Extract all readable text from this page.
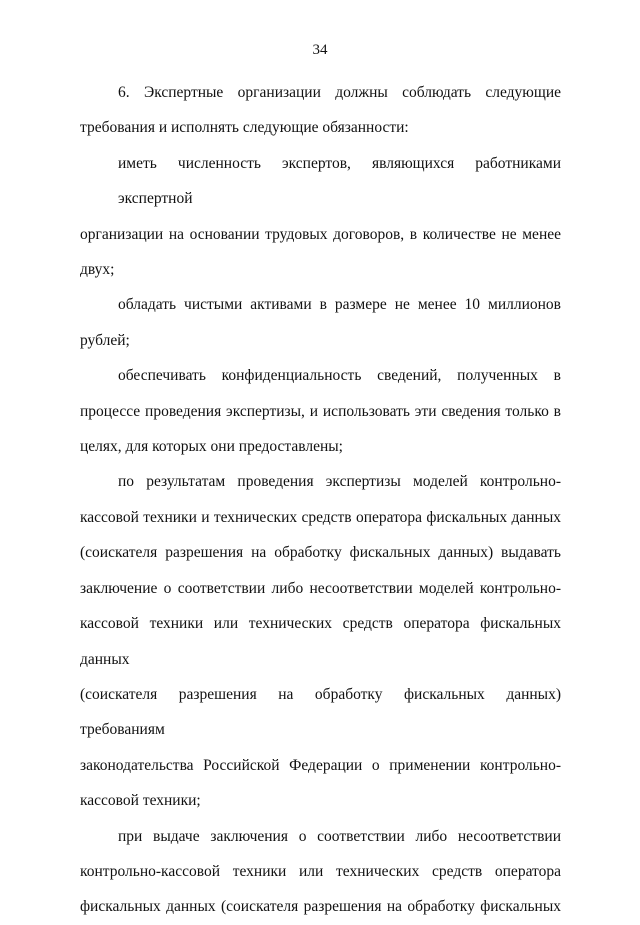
34
6. Экспертные организации должны соблюдать следующие
требования и исполнять следующие обязанности:
иметь численность экспертов, являющихся работниками экспертной
организации на основании трудовых договоров, в количестве не менее
двух;
обладать чистыми активами в размере не менее 10 миллионов
рублей;
обеспечивать конфиденциальность сведений, полученных в
процессе проведения экспертизы, и использовать эти сведения только в
целях, для которых они предоставлены;
по результатам проведения экспертизы моделей контрольно-
кассовой техники и технических средств оператора фискальных данных
(соискателя разрешения на обработку фискальных данных) выдавать
заключение о соответствии либо несоответствии моделей контрольно-
кассовой техники или технических средств оператора фискальных данных
(соискателя разрешения на обработку фискальных данных) требованиям
законодательства Российской Федерации о применении контрольно-
кассовой техники;
при выдаче заключения о соответствии либо несоответствии
контрольно-кассовой техники или технических средств оператора
фискальных данных (соискателя разрешения на обработку фискальных
